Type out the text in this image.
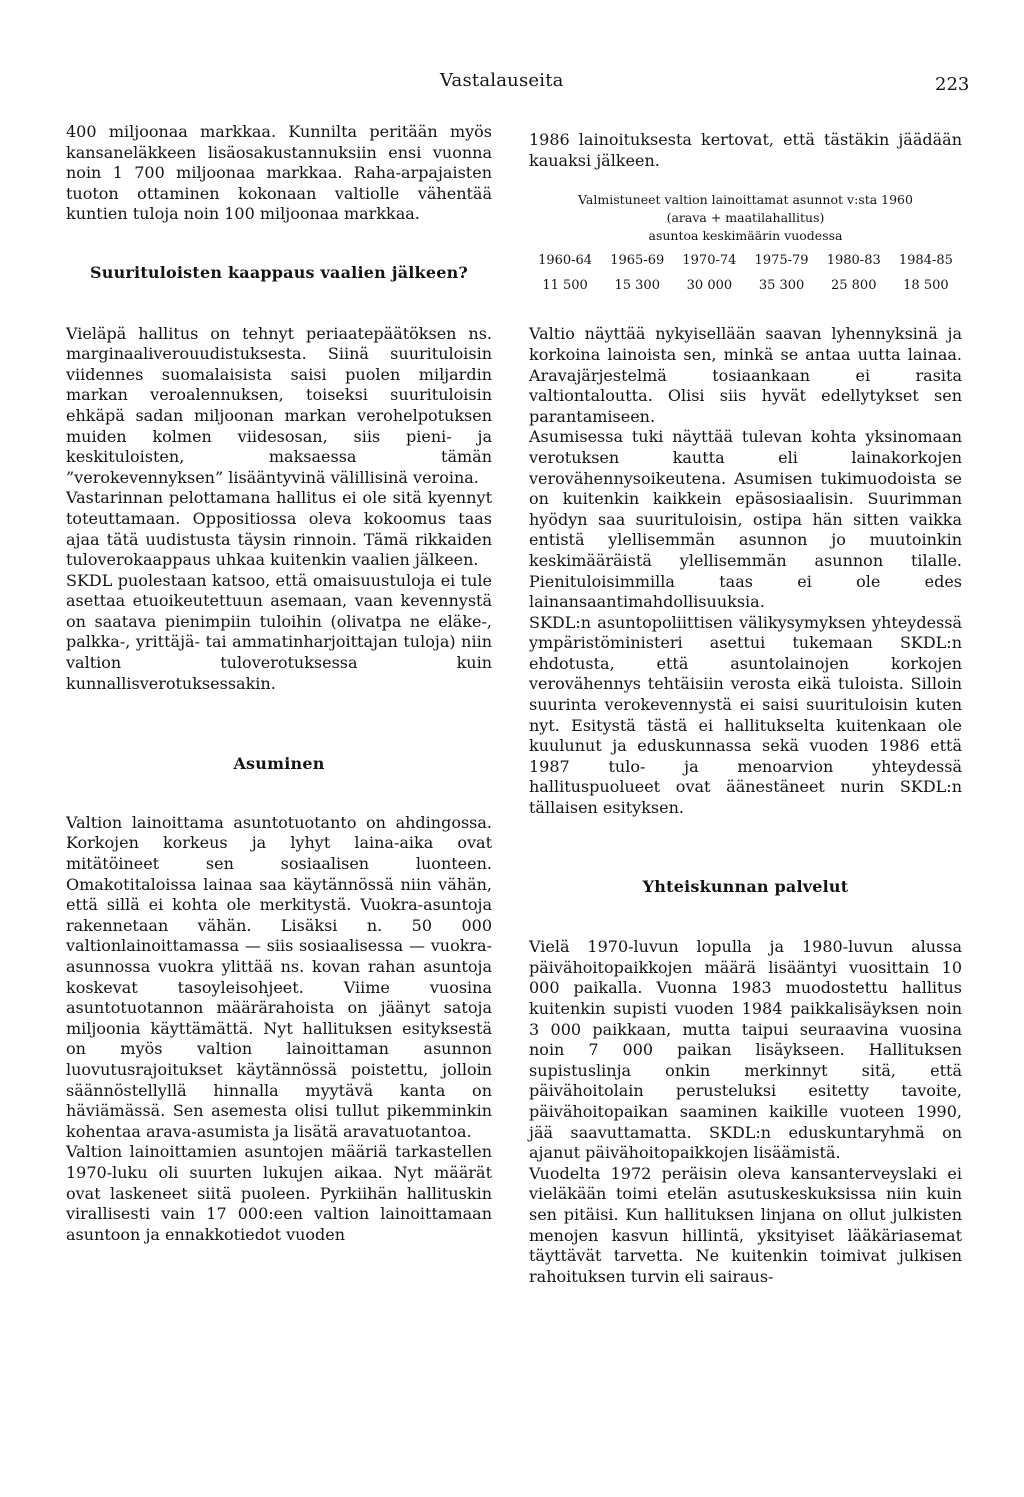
Vastalauseita	223

400 miljoonaa markkaa. Kunnilta peritään myös kansaneläkkeen lisäosakustannuksiin ensi vuonna noin 1 700 miljoonaa markkaa. Raha-arpajaisten tuoton ottaminen kokonaan valtiolle vähentää kuntien tuloja noin 100 miljoonaa markkaa.

Suurituloisten kaappaus vaalien jälkeen?

Vieläpä hallitus on tehnyt periaatepäätöksen ns. marginaaliverouudistuksesta. Siinä suurituloisin viidennes suomalaisista saisi puolen miljardin markan veroalennuksen, toiseksi suurituloisin ehkäpä sadan miljoonan markan verohelpotuksen muiden kolmen viidesosan, siis pieni- ja keskituloisten, maksaessa tämän ”verokevennyksen” lisääntyvinä välillisinä veroina.

Vastarinnan pelottamana hallitus ei ole sitä kyennyt toteuttamaan. Oppositiossa oleva kokoomus taas ajaa tätä uudistusta täysin rinnoin. Tämä rikkaiden tuloverokaappaus uhkaa kuitenkin vaalien jälkeen.

SKDL puolestaan katsoo, että omaisuustuloja ei tule asettaa etuoikeutettuun asemaan, vaan kevennystä on saatava pienimpiin tuloihin (olivatpa ne eläke-, palkka-, yrittäjä- tai ammatinharjoittajan tuloja) niin valtion tuloverotuksessa kuin kunnallisverotuksessakin.

Asuminen

Valtion lainoittama asuntotuotanto on ahdingossa. Korkojen korkeus ja lyhyt laina-aika ovat mitätöineet sen sosiaalisen luonteen. Omakotitaloissa lainaa saa käytännössä niin vähän, että sillä ei kohta ole merkitystä. Vuokra-asuntoja rakennetaan vähän. Lisäksi n. 50 000 valtionlainoittamassa — siis sosiaalisessa — vuokra-asunnossa vuokra ylittää ns. kovan rahan asuntoja koskevat tasoyleisohjeet. Viime vuosina asuntotuotannon määrärahoista on jäänyt satoja miljoonia käyttämättä. Nyt hallituksen esityksestä on myös valtion lainoittaman asunnon luovutusrajoitukset käytännössä poistettu, jolloin säännöstellyllä hinnalla myytävä kanta on häviämässä. Sen asemesta olisi tullut pikemminkin kohentaa arava-asumista ja lisätä aravatuotantoa.

Valtion lainoittamien asuntojen määriä tarkastellen 1970-luku oli suurten lukujen aikaa. Nyt määrät ovat laskeneet siitä puoleen. Pyrkiihän hallituskin virallisesti vain 17 000:een valtion lainoittamaan asuntoon ja ennakkotiedot vuoden

1986 lainoituksesta kertovat, että tästäkin jäädään kauaksi jälkeen.

Valmistuneet valtion lainoittamat asunnot v:sta 1960
(arava + maatilahallitus)
asuntoa keskimäärin vuodessa
1960-64	1965-69	1970-74	1975-79	1980-83	1984-85
11 500	15 300	30 000	35 300	25 800	18 500

Valtio näyttää nykyisellään saavan lyhennyksinä ja korkoina lainoista sen, minkä se antaa uutta lainaa. Aravajärjestelmä tosiaankaan ei rasita valtiontaloutta. Olisi siis hyvät edellytykset sen parantamiseen.

Asumisessa tuki näyttää tulevan kohta yksinomaan verotuksen kautta eli lainakorkojen verovähennysoikeutena. Asumisen tukimuodoista se on kuitenkin kaikkein epäsosiaalisin. Suurimman hyödyn saa suurituloisin, ostipa hän sitten vaikka entistä ylellisemmän asunnon jo muutoinkin keskimääräistä ylellisemmän asunnon tilalle. Pienituloisimmilla taas ei ole edes lainansaantimahdollisuuksia.

SKDL:n asuntopoliittisen välikysymyksen yhteydessä ympäristöministeri asettui tukemaan SKDL:n ehdotusta, että asuntolainojen korkojen verovähennys tehtäisiin verosta eikä tuloista. Silloin suurinta verokevennystä ei saisi suurituloisin kuten nyt. Esitystä tästä ei hallitukselta kuitenkaan ole kuulunut ja eduskunnassa sekä vuoden 1986 että 1987 tulo- ja menoarvion yhteydessä hallituspuolueet ovat äänestäneet nurin SKDL:n tällaisen esityksen.

Yhteiskunnan palvelut

Vielä 1970-luvun lopulla ja 1980-luvun alussa päivähoitopaikkojen määrä lisääntyi vuosittain 10 000 paikalla. Vuonna 1983 muodostettu hallitus kuitenkin supisti vuoden 1984 paikkalisäyksen noin 3 000 paikkaan, mutta taipui seuraavina vuosina noin 7 000 paikan lisäykseen. Hallituksen supistuslinja onkin merkinnyt sitä, että päivähoitolain perusteluksi esitetty tavoite, päivähoitopaikan saaminen kaikille vuoteen 1990, jää saavuttamatta. SKDL:n eduskuntaryhmä on ajanut päivähoitopaikkojen lisäämistä.

Vuodelta 1972 peräisin oleva kansanterveyslaki ei vieläkään toimi etelän asutuskeskuksissa niin kuin sen pitäisi. Kun hallituksen linjana on ollut julkisten menojen kasvun hillintä, yksityiset lääkäriasemat täyttävät tarvetta. Ne kuitenkin toimivat julkisen rahoituksen turvin eli sairaus-
